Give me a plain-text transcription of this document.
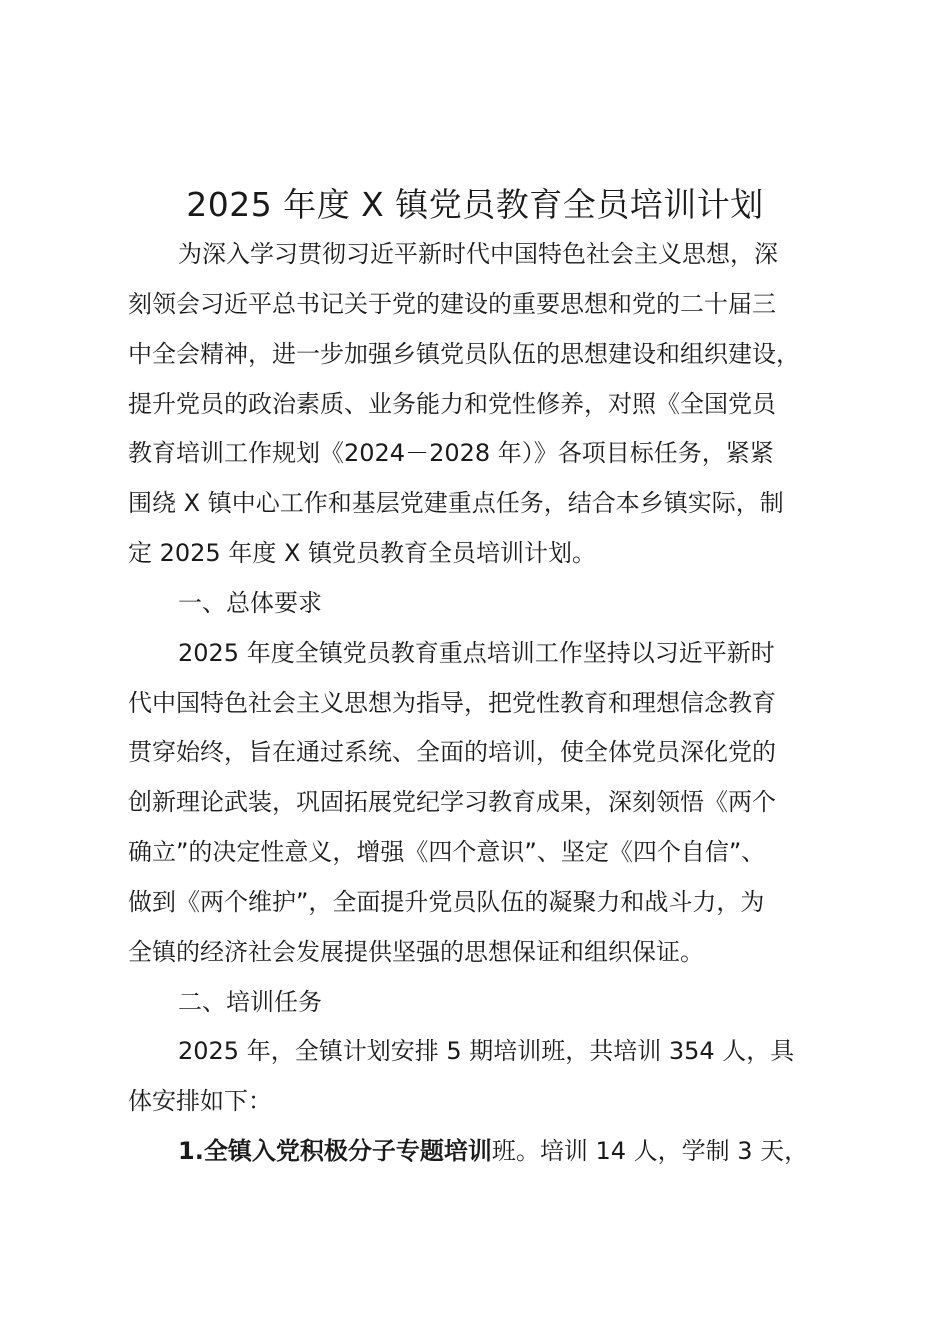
2025 年度 X 镇党员教育全员培训计划
为深入学习贯彻习近平新时代中国特色社会主义思想，深
刻领会习近平总书记关于党的建设的重要思想和党的二十届三
中全会精神，进一步加强乡镇党员队伍的思想建设和组织建设，
提升党员的政治素质、业务能力和党性修养，对照《全国党员
教育培训工作规划《2024－2028 年）》各项目标任务，紧紧
围绕 X 镇中心工作和基层党建重点任务，结合本乡镇实际，制
定 2025 年度 X 镇党员教育全员培训计划。
一、总体要求
2025 年度全镇党员教育重点培训工作坚持以习近平新时
代中国特色社会主义思想为指导，把党性教育和理想信念教育
贯穿始终，旨在通过系统、全面的培训，使全体党员深化党的
创新理论武装，巩固拓展党纪学习教育成果，深刻领悟《两个
确立”的决定性意义，增强《四个意识”、坚定《四个自信”、
做到《两个维护”，全面提升党员队伍的凝聚力和战斗力，为
全镇的经济社会发展提供坚强的思想保证和组织保证。
二、培训任务
2025 年，全镇计划安排 5 期培训班，共培训 354 人，具
体安排如下：
1.全镇入党积极分子专题培训班。培训 14 人，学制 3 天，
